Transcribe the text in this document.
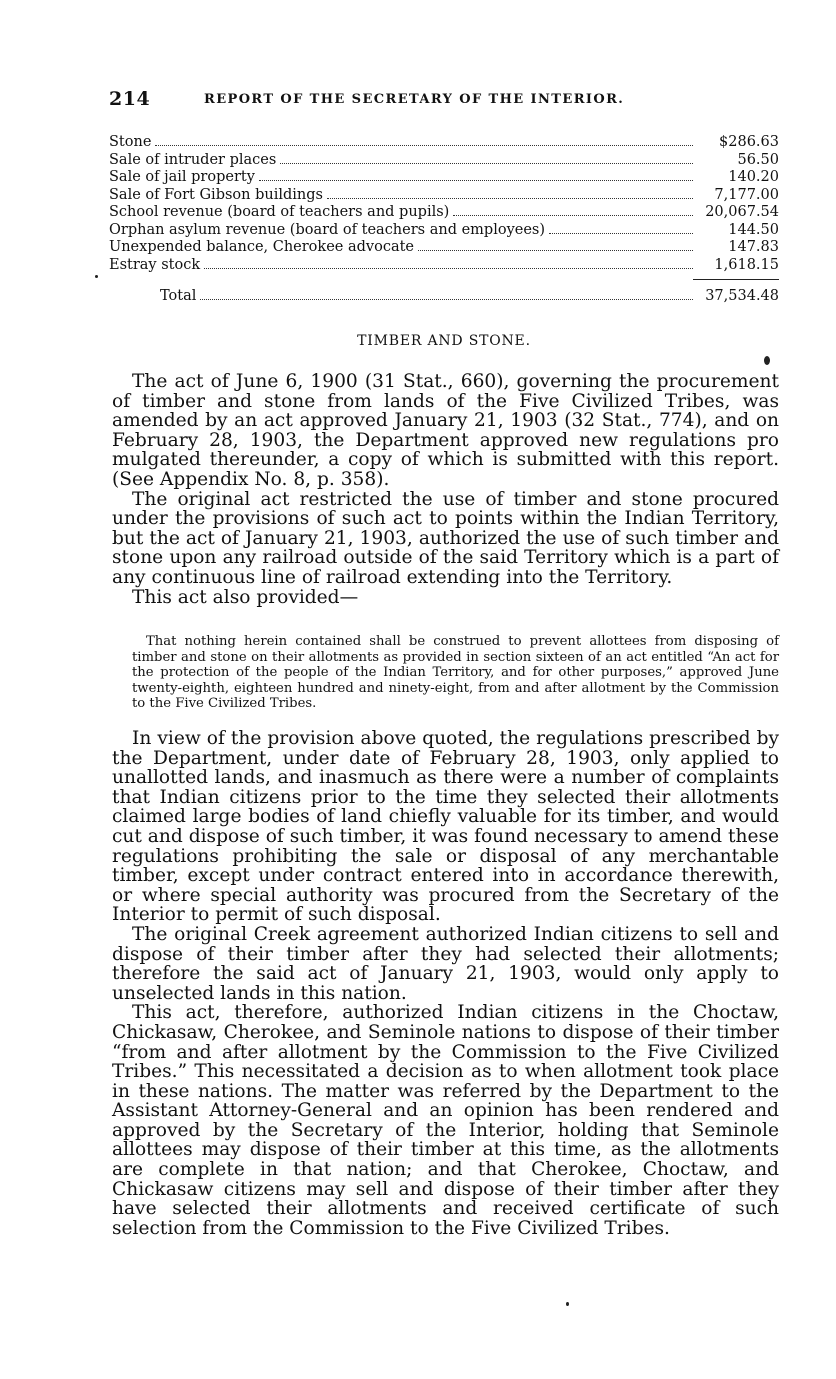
214	REPORT OF THE SECRETARY OF THE INTERIOR.
Stone	$286.63
Sale of intruder places	56.50
Sale of jail property	140.20
Sale of Fort Gibson buildings	7,177.00
School revenue (board of teachers and pupils)	20,067.54
Orphan asylum revenue (board of teachers and employees)	144.50
Unexpended balance, Cherokee advocate	147.83
Estray stock	1,618.15
Total	37,534.48
TIMBER AND STONE.

The act of June 6, 1900 (31 Stat., 660), governing the procurement of timber and stone from lands of the Five Civilized Tribes, was amended by an act approved January 21, 1903 (32 Stat., 774), and on February 28, 1903, the Department approved new regulations pro mulgated thereunder, a copy of which is submitted with this report. (See Appendix No. 8, p. 358).

The original act restricted the use of timber and stone procured under the provisions of such act to points within the Indian Territory, but the act of January 21, 1903, authorized the use of such timber and stone upon any railroad outside of the said Territory which is a part of any continuous line of railroad extending into the Territory.

This act also provided—

That nothing herein contained shall be construed to prevent allottees from disposing of timber and stone on their allotments as provided in section sixteen of an act entitled “An act for the protection of the people of the Indian Territory, and for other purposes,” approved June twenty-eighth, eighteen hundred and ninety-eight, from and after allotment by the Commission to the Five Civilized Tribes.

In view of the provision above quoted, the regulations prescribed by the Department, under date of February 28, 1903, only applied to unallotted lands, and inasmuch as there were a number of complaints that Indian citizens prior to the time they selected their allotments claimed large bodies of land chiefly valuable for its timber, and would cut and dispose of such timber, it was found necessary to amend these regulations prohibiting the sale or disposal of any merchantable timber, except under contract entered into in accordance therewith, or where special authority was procured from the Secretary of the Interior to permit of such disposal.

The original Creek agreement authorized Indian citizens to sell and dispose of their timber after they had selected their allotments; therefore the said act of January 21, 1903, would only apply to unselected lands in this nation.

This act, therefore, authorized Indian citizens in the Choctaw, Chickasaw, Cherokee, and Seminole nations to dispose of their timber “from and after allotment by the Commission to the Five Civilized Tribes.” This necessitated a decision as to when allotment took place in these nations. The matter was referred by the Department to the Assistant Attorney-General and an opinion has been rendered and approved by the Secretary of the Interior, holding that Seminole allottees may dispose of their timber at this time, as the allotments are complete in that nation; and that Cherokee, Choctaw, and Chickasaw citizens may sell and dispose of their timber after they have selected their allotments and received certificate of such selection from the Commission to the Five Civilized Tribes.
